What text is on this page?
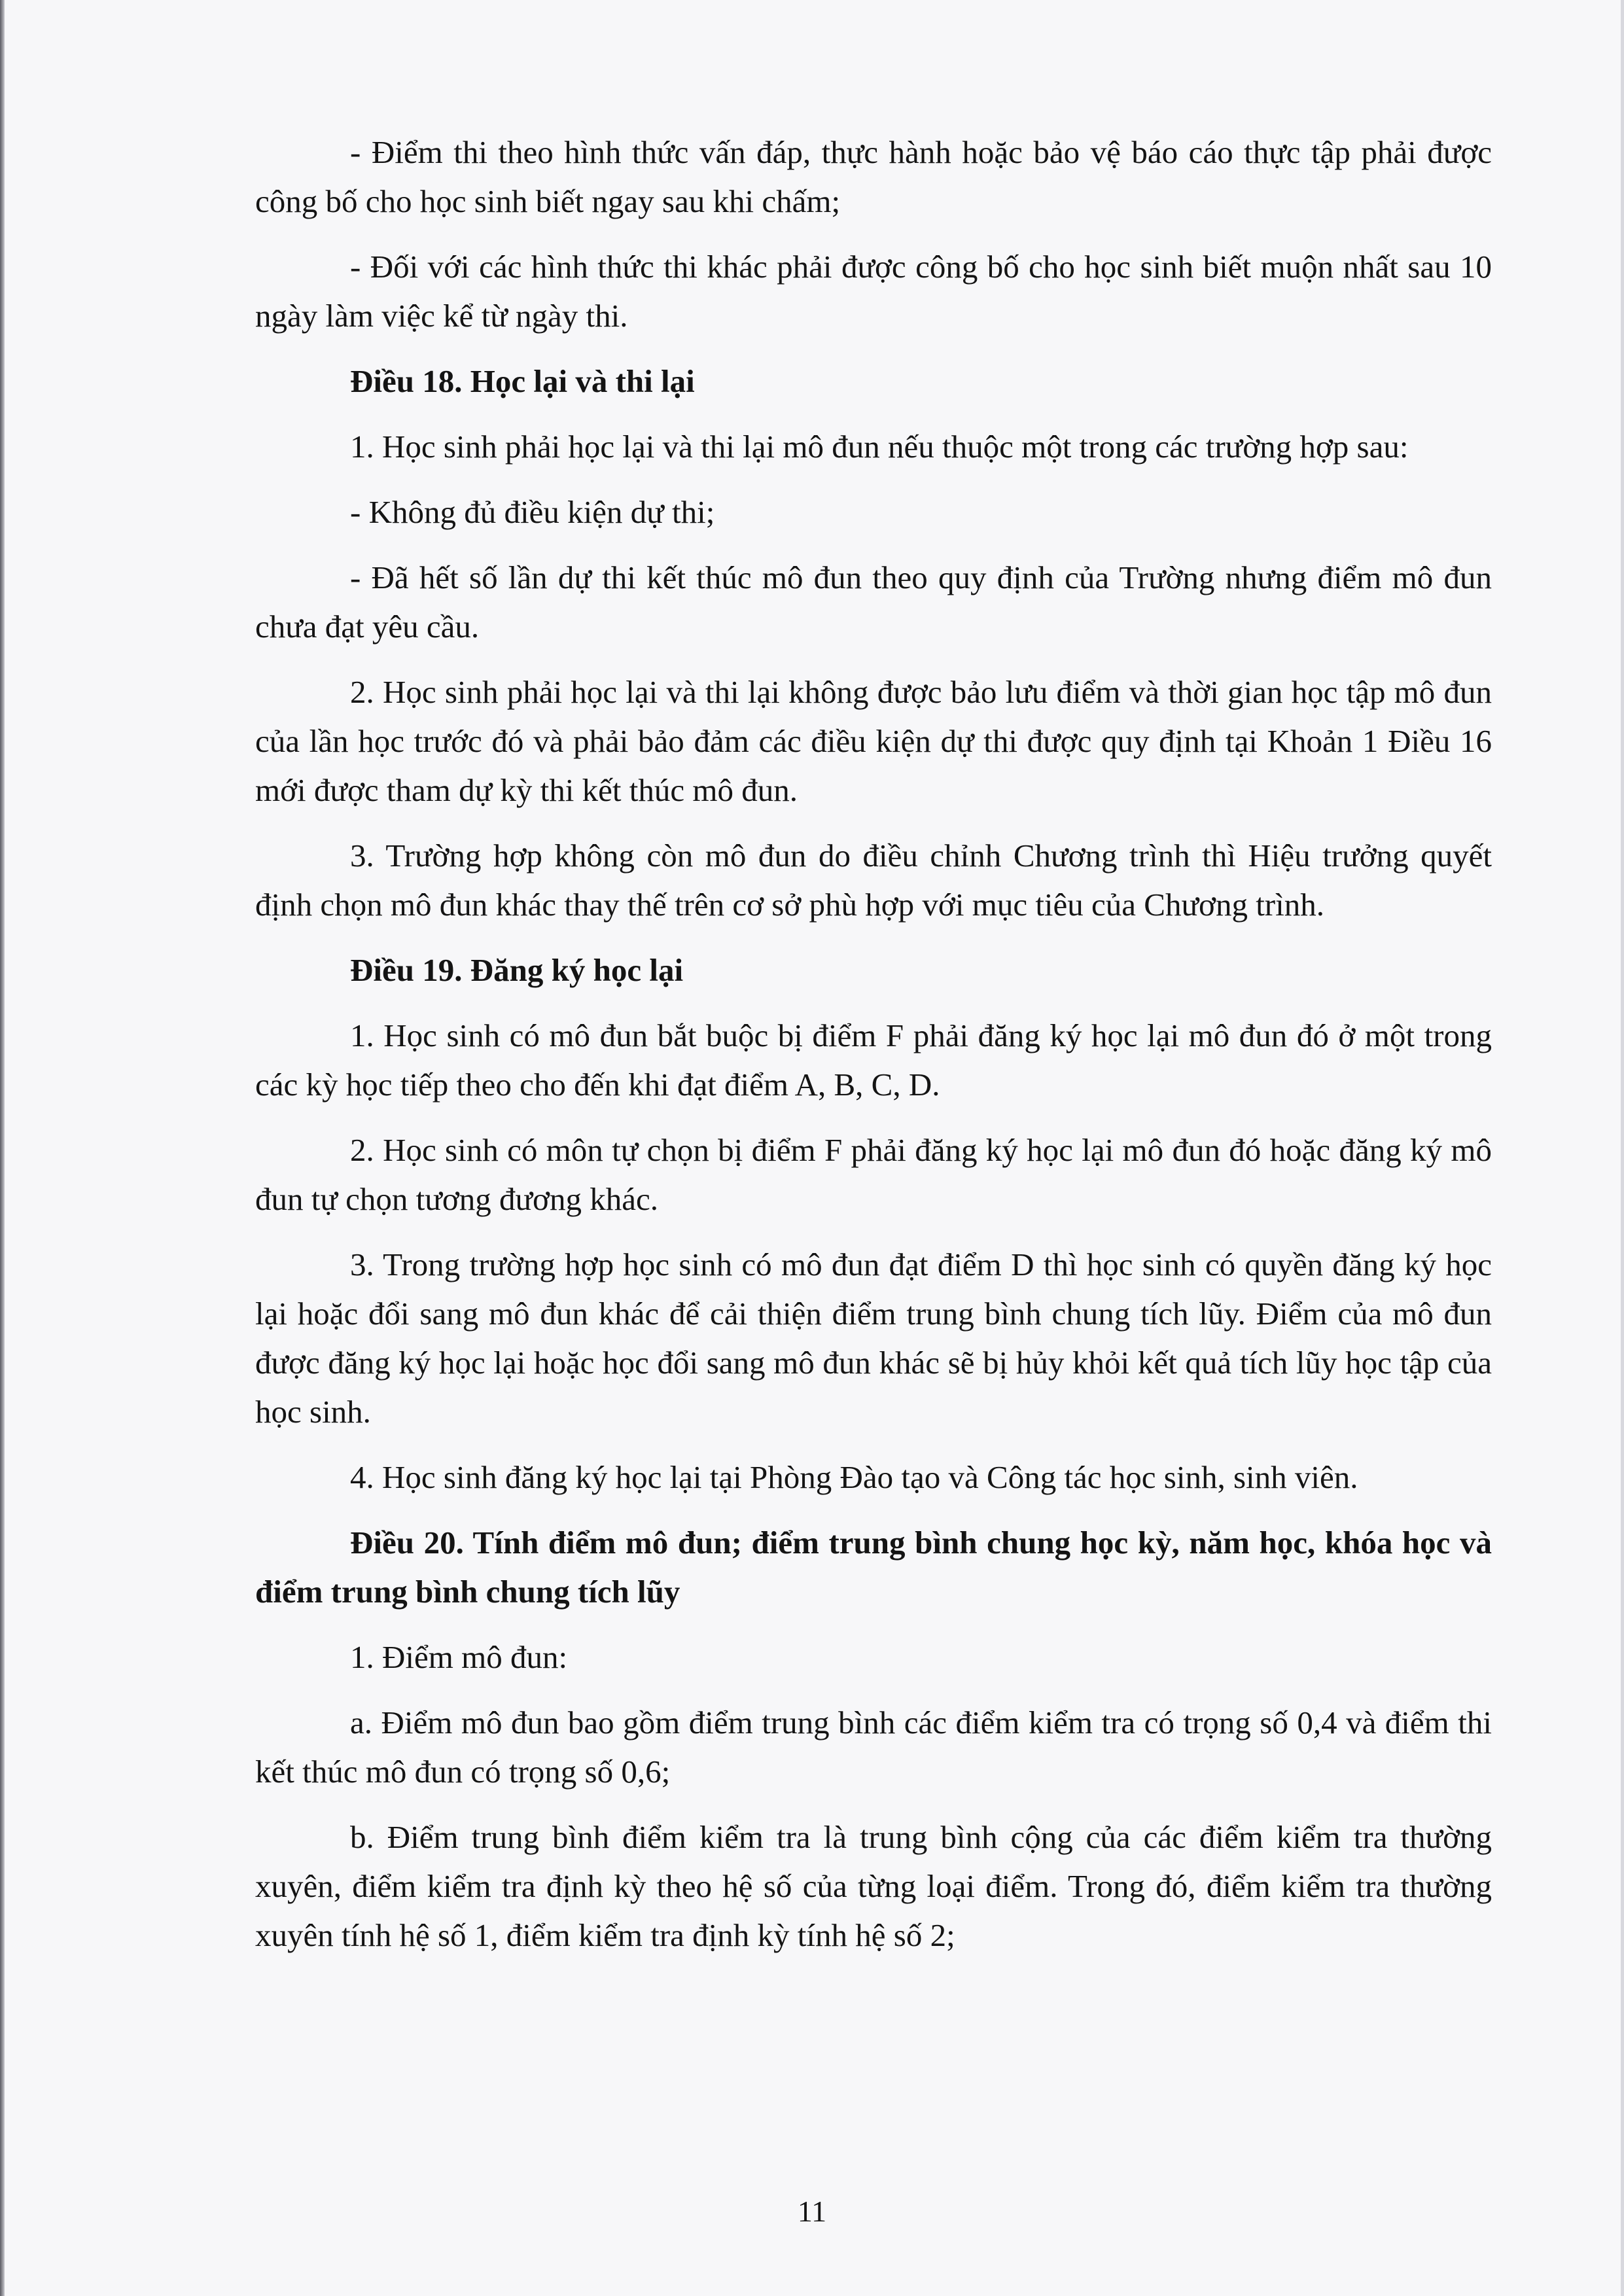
- Điểm thi theo hình thức vấn đáp, thực hành hoặc bảo vệ báo cáo thực tập phải được công bố cho học sinh biết ngay sau khi chấm;

- Đối với các hình thức thi khác phải được công bố cho học sinh biết muộn nhất sau 10 ngày làm việc kể từ ngày thi.

Điều 18. Học lại và thi lại

1. Học sinh phải học lại và thi lại mô đun nếu thuộc một trong các trường hợp sau:

- Không đủ điều kiện dự thi;

- Đã hết số lần dự thi kết thúc mô đun theo quy định của Trường nhưng điểm mô đun chưa đạt yêu cầu.

2. Học sinh phải học lại và thi lại không được bảo lưu điểm và thời gian học tập mô đun của lần học trước đó và phải bảo đảm các điều kiện dự thi được quy định tại Khoản 1 Điều 16 mới được tham dự kỳ thi kết thúc mô đun.

3. Trường hợp không còn mô đun do điều chỉnh Chương trình thì Hiệu trưởng quyết định chọn mô đun khác thay thế trên cơ sở phù hợp với mục tiêu của Chương trình.

Điều 19. Đăng ký học lại

1. Học sinh có mô đun bắt buộc bị điểm F phải đăng ký học lại mô đun đó ở một trong các kỳ học tiếp theo cho đến khi đạt điểm A, B, C, D.

2. Học sinh có môn tự chọn bị điểm F phải đăng ký học lại mô đun đó hoặc đăng ký mô đun tự chọn tương đương khác.

3. Trong trường hợp học sinh có mô đun đạt điểm D thì học sinh có quyền đăng ký học lại hoặc đổi sang mô đun khác để cải thiện điểm trung bình chung tích lũy. Điểm của mô đun được đăng ký học lại hoặc học đổi sang mô đun khác sẽ bị hủy khỏi kết quả tích lũy học tập của học sinh.

4. Học sinh đăng ký học lại tại Phòng Đào tạo và Công tác học sinh, sinh viên.

Điều 20. Tính điểm mô đun; điểm trung bình chung học kỳ, năm học, khóa học và điểm trung bình chung tích lũy

1. Điểm mô đun:

a. Điểm mô đun bao gồm điểm trung bình các điểm kiểm tra có trọng số 0,4 và điểm thi kết thúc mô đun có trọng số 0,6;

b. Điểm trung bình điểm kiểm tra là trung bình cộng của các điểm kiểm tra thường xuyên, điểm kiểm tra định kỳ theo hệ số của từng loại điểm. Trong đó, điểm kiểm tra thường xuyên tính hệ số 1, điểm kiểm tra định kỳ tính hệ số 2;

11
